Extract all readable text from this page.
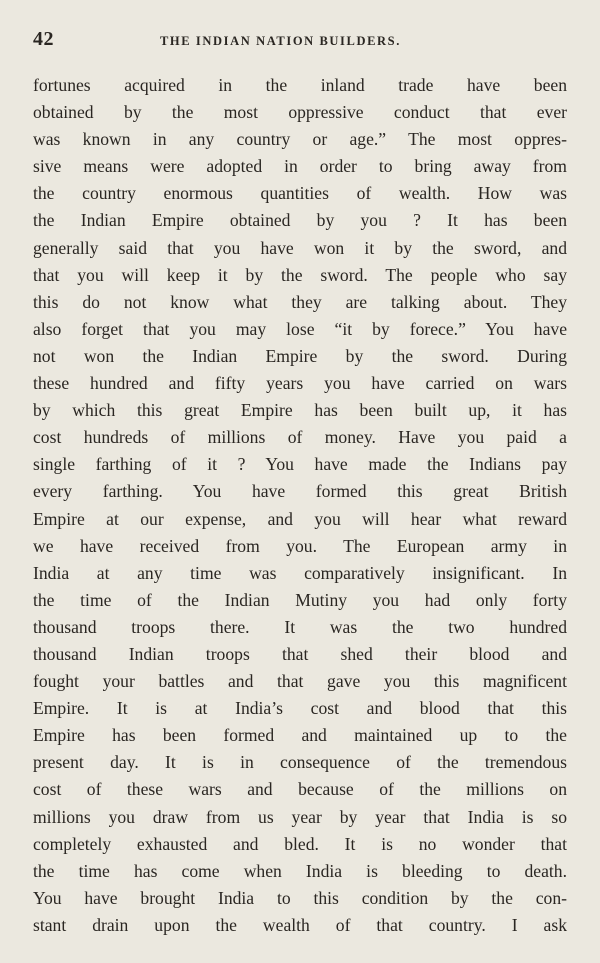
42	THE INDIAN NATION BUILDERS.
fortunes acquired in the inland trade have been
obtained by the most oppressive conduct that ever
was known in any country or age.” The most oppres-
sive means were adopted in order to bring away from
the country enormous quantities of wealth. How was
the Indian Empire obtained by you ? It has been
generally said that you have won it by the sword, and
that you will keep it by the sword. The people who say
this do not know what they are talking about. They
also forget that you may lose “it by forece.” You have
not won the Indian Empire by the sword. During
these hundred and fifty years you have carried on wars
by which this great Empire has been built up, it has
cost hundreds of millions of money. Have you paid a
single farthing of it ? You have made the Indians pay
every farthing. You have formed this great British
Empire at our expense, and you will hear what reward
we have received from you. The European army in
India at any time was comparatively insignificant. In
the time of the Indian Mutiny you had only forty
thousand troops there. It was the two hundred
thousand Indian troops that shed their blood and
fought your battles and that gave you this magnificent
Empire. It is at India’s cost and blood that this
Empire has been formed and maintained up to the
present day. It is in consequence of the tremendous
cost of these wars and because of the millions on
millions you draw from us year by year that India is so
completely exhausted and bled. It is no wonder that
the time has come when India is bleeding to death.
You have brought India to this condition by the con-
stant drain upon the wealth of that country. I ask
